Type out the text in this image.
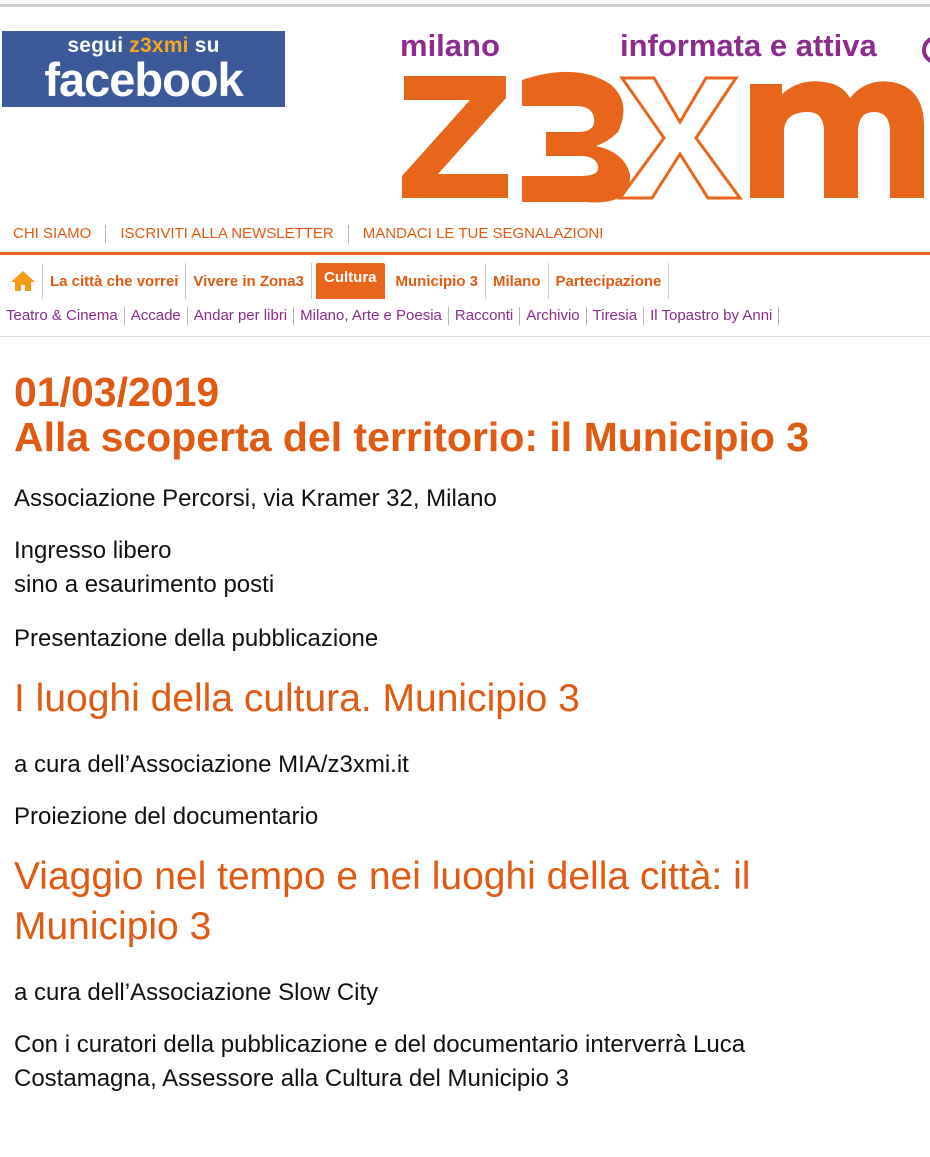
segui z3xmi su
facebook
milano	informata e attiva
CHI SIAMO	ISCRIVITI ALLA NEWSLETTER	MANDACI LE TUE SEGNALAZIONI
La città che vorrei	Vivere in Zona3	Cultura	Municipio 3	Milano	Partecipazione
Teatro & Cinema Accade Andar per libri Milano, Arte e Poesia Racconti Archivio Tiresia Il Topastro by Anni
01/03/2019
Alla scoperta del territorio: il Municipio 3

Associazione Percorsi, via Kramer 32, Milano

Ingresso libero
sino a esaurimento posti

Presentazione della pubblicazione

I luoghi della cultura. Municipio 3

a cura dell’Associazione MIA/z3xmi.it

Proiezione del documentario

Viaggio nel tempo e nei luoghi della città: il
Municipio 3

a cura dell’Associazione Slow City

Con i curatori della pubblicazione e del documentario interverrà Luca
Costamagna, Assessore alla Cultura del Municipio 3
